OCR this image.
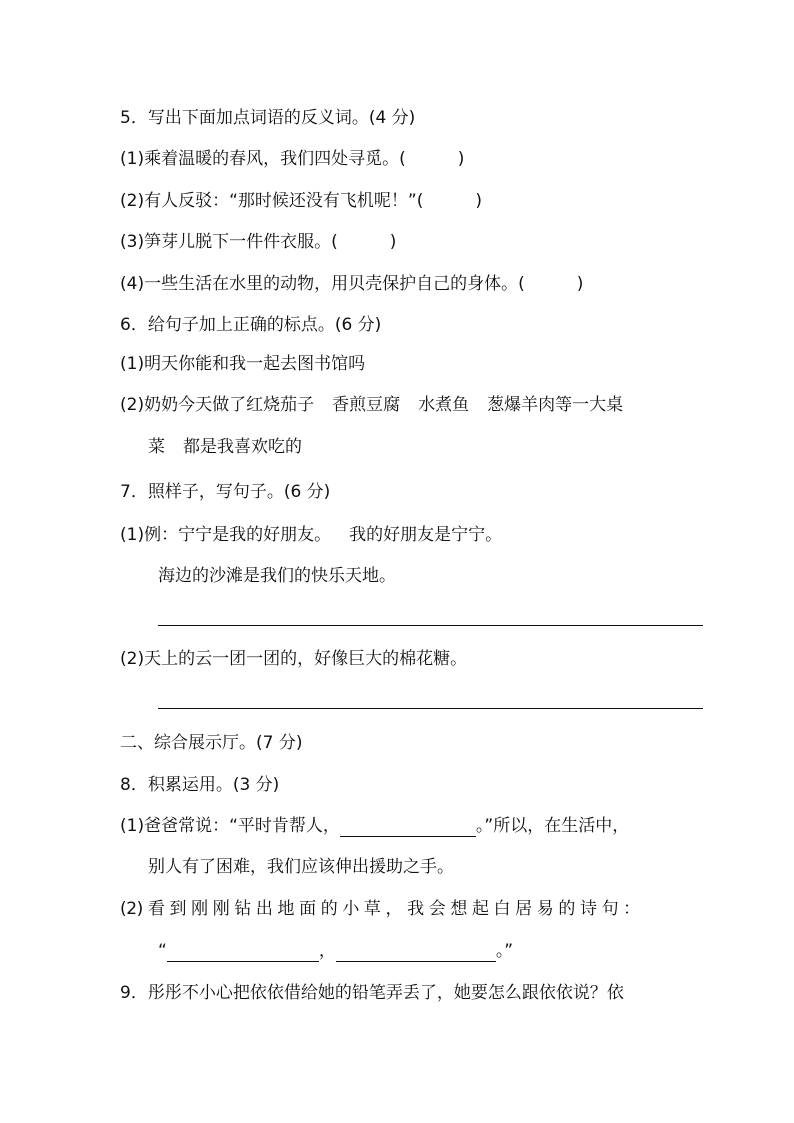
5．写出下面加点词语的反义词。(4 分)
(1)乘着温暖的春风，我们四处寻觅。(	)
(2)有人反驳：“那时候还没有飞机呢！”(	)
(3)笋芽儿脱下一件件衣服。(	)
(4)一些生活在水里的动物，用贝壳保护自己的身体。(	)
6．给句子加上正确的标点。(6 分)
(1)明天你能和我一起去图书馆吗
(2)奶奶今天做了红烧茄子 香煎豆腐 水煮鱼 葱爆羊肉等一大桌
菜 都是我喜欢吃的
7．照样子，写句子。(6 分)
(1)例：宁宁是我的好朋友。 我的好朋友是宁宁。
海边的沙滩是我们的快乐天地。
(2)天上的云一团一团的，好像巨大的棉花糖。
二、综合展示厅。(7 分)
8．积累运用。(3 分)
(1)爸爸常说：“平时肯帮人，	。”所以，在生活中，
别人有了困难，我们应该伸出援助之手。
(2) 看 到 刚 刚 钻 出 地 面 的 小 草 ， 我 会 想 起 白 居 易 的 诗 句 ：
“	，	。”
9．彤彤不小心把依依借给她的铅笔弄丢了，她要怎么跟依依说？依
